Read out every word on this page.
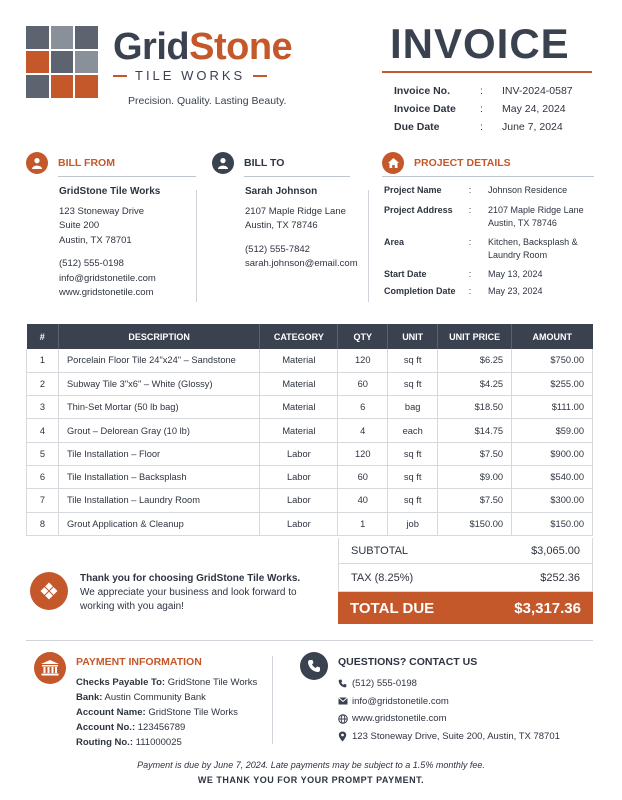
GridStone
TILE WORKS
Precision. Quality. Lasting Beauty.
INVOICE
Invoice No.	:	INV-2024-0587
Invoice Date	:	May 24, 2024
Due Date	:	June 7, 2024
BILL FROM
GridStone Tile Works
123 Stoneway Drive
Suite 200
Austin, TX 78701
(512) 555-0198
info@gridstonetile.com
www.gridstonetile.com
BILL TO
Sarah Johnson
2107 Maple Ridge Lane
Austin, TX 78746
(512) 555-7842
sarah.johnson@email.com
PROJECT DETAILS
Project Name	:	Johnson Residence
Project Address	:	2107 Maple Ridge Lane Austin, TX 78746
Area	:	Kitchen, Backsplash & Laundry Room
Start Date	:	May 13, 2024
Completion Date	:	May 23, 2024
#	DESCRIPTION	CATEGORY	QTY	UNIT	UNIT PRICE	AMOUNT
1	Porcelain Floor Tile 24"x24" – Sandstone	Material	120	sq ft	$6.25	$750.00
2	Subway Tile 3"x6" – White (Glossy)	Material	60	sq ft	$4.25	$255.00
3	Thin-Set Mortar (50 lb bag)	Material	6	bag	$18.50	$111.00
4	Grout – Delorean Gray (10 lb)	Material	4	each	$14.75	$59.00
5	Tile Installation – Floor	Labor	120	sq ft	$7.50	$900.00
6	Tile Installation – Backsplash	Labor	60	sq ft	$9.00	$540.00
7	Tile Installation – Laundry Room	Labor	40	sq ft	$7.50	$300.00
8	Grout Application & Cleanup	Labor	1	job	$150.00	$150.00
SUBTOTAL	$3,065.00
TAX (8.25%)	$252.36
TOTAL DUE	$3,317.36
Thank you for choosing GridStone Tile Works.
We appreciate your business and look forward to working with you again!
PAYMENT INFORMATION
Checks Payable To: GridStone Tile Works
Bank: Austin Community Bank
Account Name: GridStone Tile Works
Account No.: 123456789
Routing No.: 111000025
QUESTIONS? CONTACT US
(512) 555-0198
info@gridstonetile.com
www.gridstonetile.com
123 Stoneway Drive, Suite 200, Austin, TX 78701
Payment is due by June 7, 2024. Late payments may be subject to a 1.5% monthly fee.
WE THANK YOU FOR YOUR PROMPT PAYMENT.
